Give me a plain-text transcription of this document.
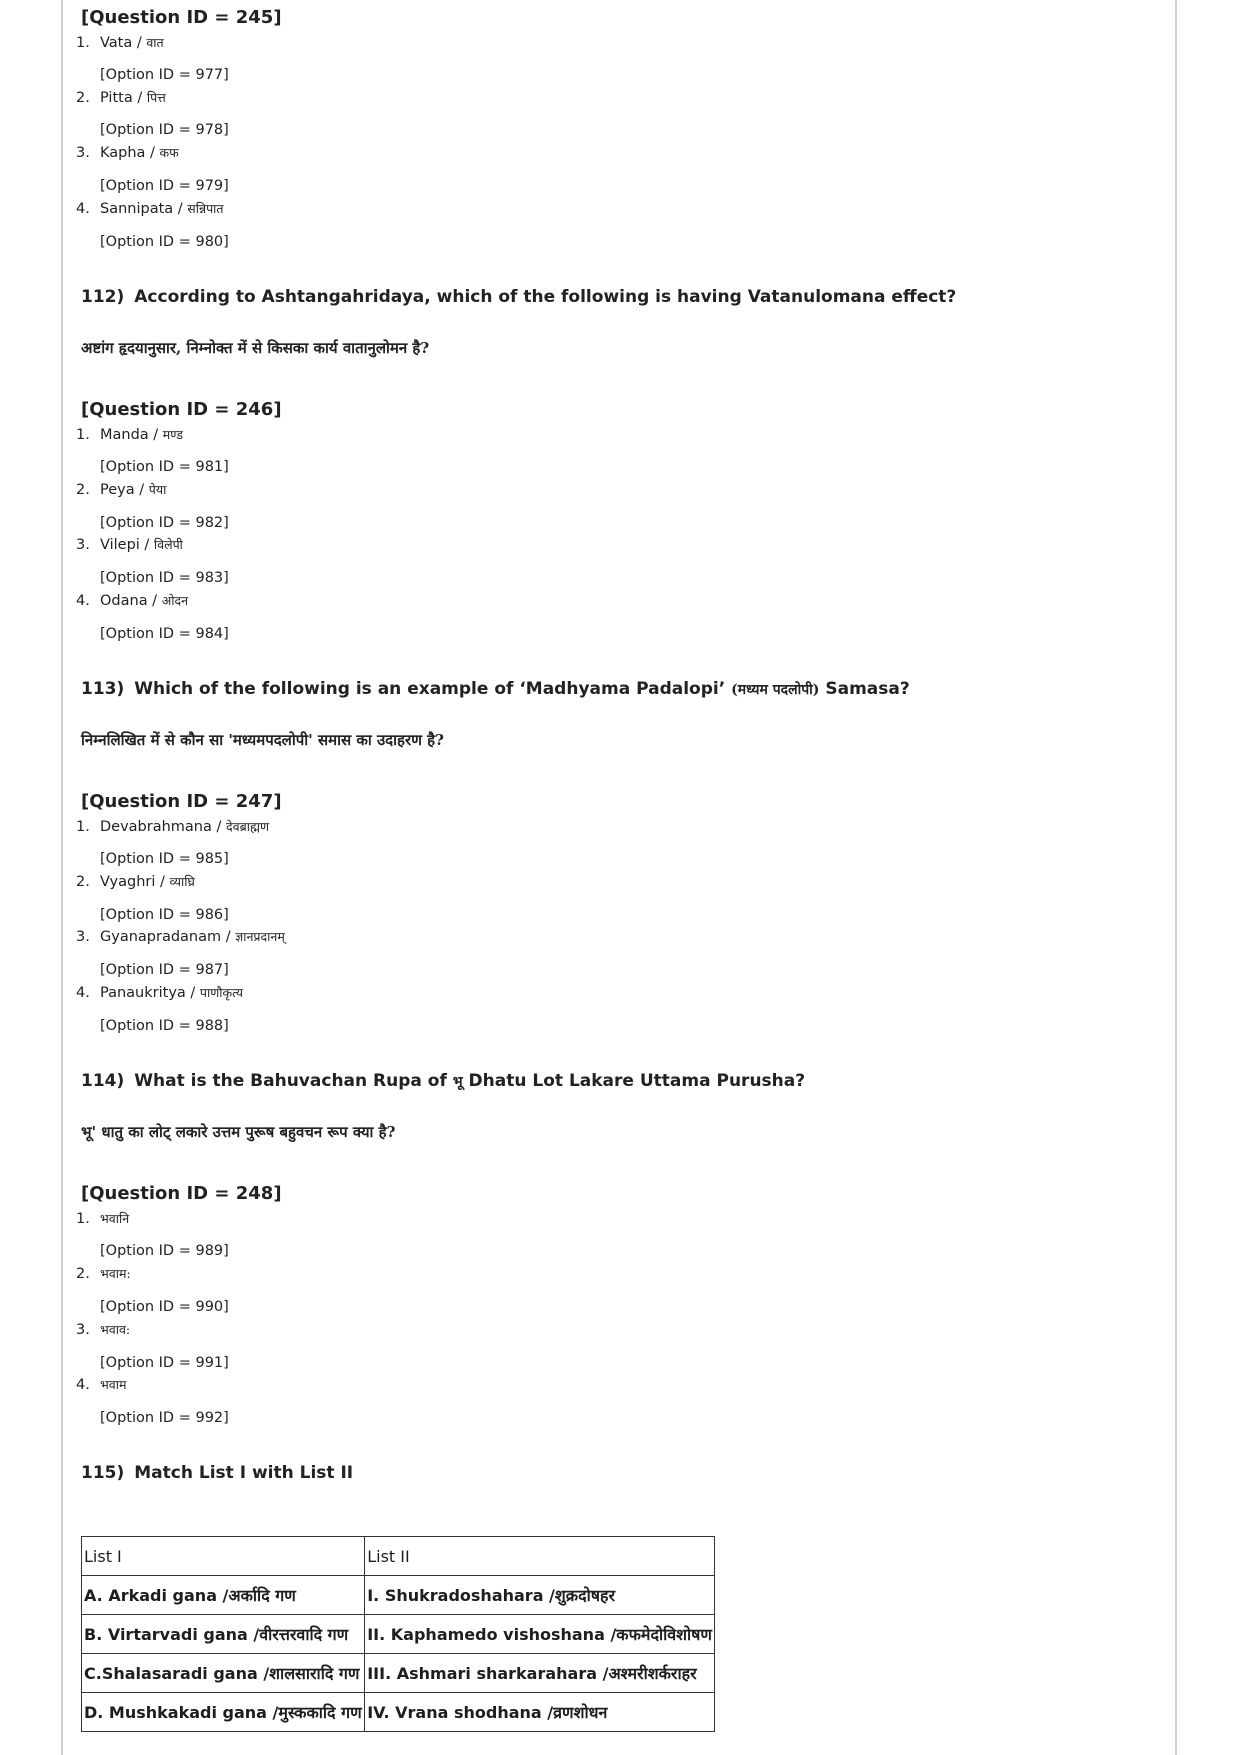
[Question ID = 245]
1. Vata / वात
[Option ID = 977]
2. Pitta / पित्त
[Option ID = 978]
3. Kapha / कफ
[Option ID = 979]
4. Sannipata / सन्निपात
[Option ID = 980]
112) According to Ashtangahridaya, which of the following is having Vatanulomana effect?
अष्टांग हृदयानुसार, निम्नोक्त में से किसका कार्य वातानुलोमन है?
[Question ID = 246]
1. Manda / मण्ड
[Option ID = 981]
2. Peya / पेया
[Option ID = 982]
3. Vilepi / विलेपी
[Option ID = 983]
4. Odana / ओदन
[Option ID = 984]
113) Which of the following is an example of ‘Madhyama Padalopi’ (मध्यम पदलोपी) Samasa?
निम्नलिखित में से कौन सा 'मध्यमपदलोपी' समास का उदाहरण है?
[Question ID = 247]
1. Devabrahmana / देवब्राह्मण
[Option ID = 985]
2. Vyaghri / व्याघ्रि
[Option ID = 986]
3. Gyanapradanam / ज्ञानप्रदानम्
[Option ID = 987]
4. Panaukritya / पाणौकृत्य
[Option ID = 988]
114) What is the Bahuvachan Rupa of भू Dhatu Lot Lakare Uttama Purusha?
भू' धातु का लोट् लकारे उत्तम पुरूष बहुवचन रूप क्या है?
[Question ID = 248]
1. भवानि
[Option ID = 989]
2. भवाम:
[Option ID = 990]
3. भवाव:
[Option ID = 991]
4. भवाम
[Option ID = 992]
115) Match List I with List II
List I	List II
A. Arkadi gana /अर्कादि गण	I. Shukradoshahara /शुक्रदोषहर
B. Virtarvadi gana /वीरत्तरवादि गण	II. Kaphamedo vishoshana /कफमेदोविशोषण
C.Shalasaradi gana /शालसारादि गण	III. Ashmari sharkarahara /अश्मरीशर्कराहर
D. Mushkakadi gana /मुस्ककादि गण	IV. Vrana shodhana /व्रणशोधन
